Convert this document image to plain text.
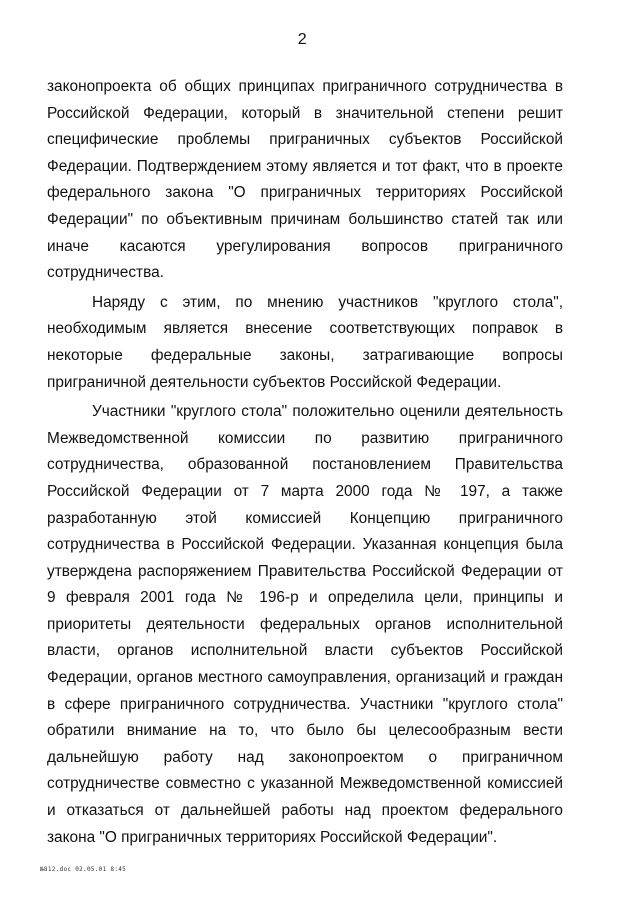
2

законопроекта об общих принципах приграничного сотрудничества в Российской Федерации, который в значительной степени решит специфические проблемы приграничных субъектов Российской Федерации. Подтверждением этому является и тот факт, что в проекте федерального закона "О приграничных территориях Российской Федерации" по объективным причинам большинство статей так или иначе касаются урегулирования вопросов приграничного сотрудничества.

Наряду с этим, по мнению участников "круглого стола", необходимым является внесение соответствующих поправок в некоторые федеральные законы, затрагивающие вопросы приграничной деятельности субъектов Российской Федерации.

Участники "круглого стола" положительно оценили деятельность Межведомственной комиссии по развитию приграничного сотрудничества, образованной постановлением Правительства Российской Федерации от 7 марта 2000 года № 197, а также разработанную этой комиссией Концепцию приграничного сотрудничества в Российской Федерации. Указанная концепция была утверждена распоряжением Правительства Российской Федерации от 9 февраля 2001 года № 196-р и определила цели, принципы и приоритеты деятельности федеральных органов исполнительной власти, органов исполнительной власти субъектов Российской Федерации, органов местного самоуправления, организаций и граждан в сфере приграничного сотрудничества. Участники "круглого стола" обратили внимание на то, что было бы целесообразным вести дальнейшую работу над законопроектом о приграничном сотрудничестве совместно с указанной Межведомственной комиссией и отказаться от дальнейшей работы над проектом федерального закона "О приграничных территориях Российской Федерации".

№812.doc 02.05.01 8:45
